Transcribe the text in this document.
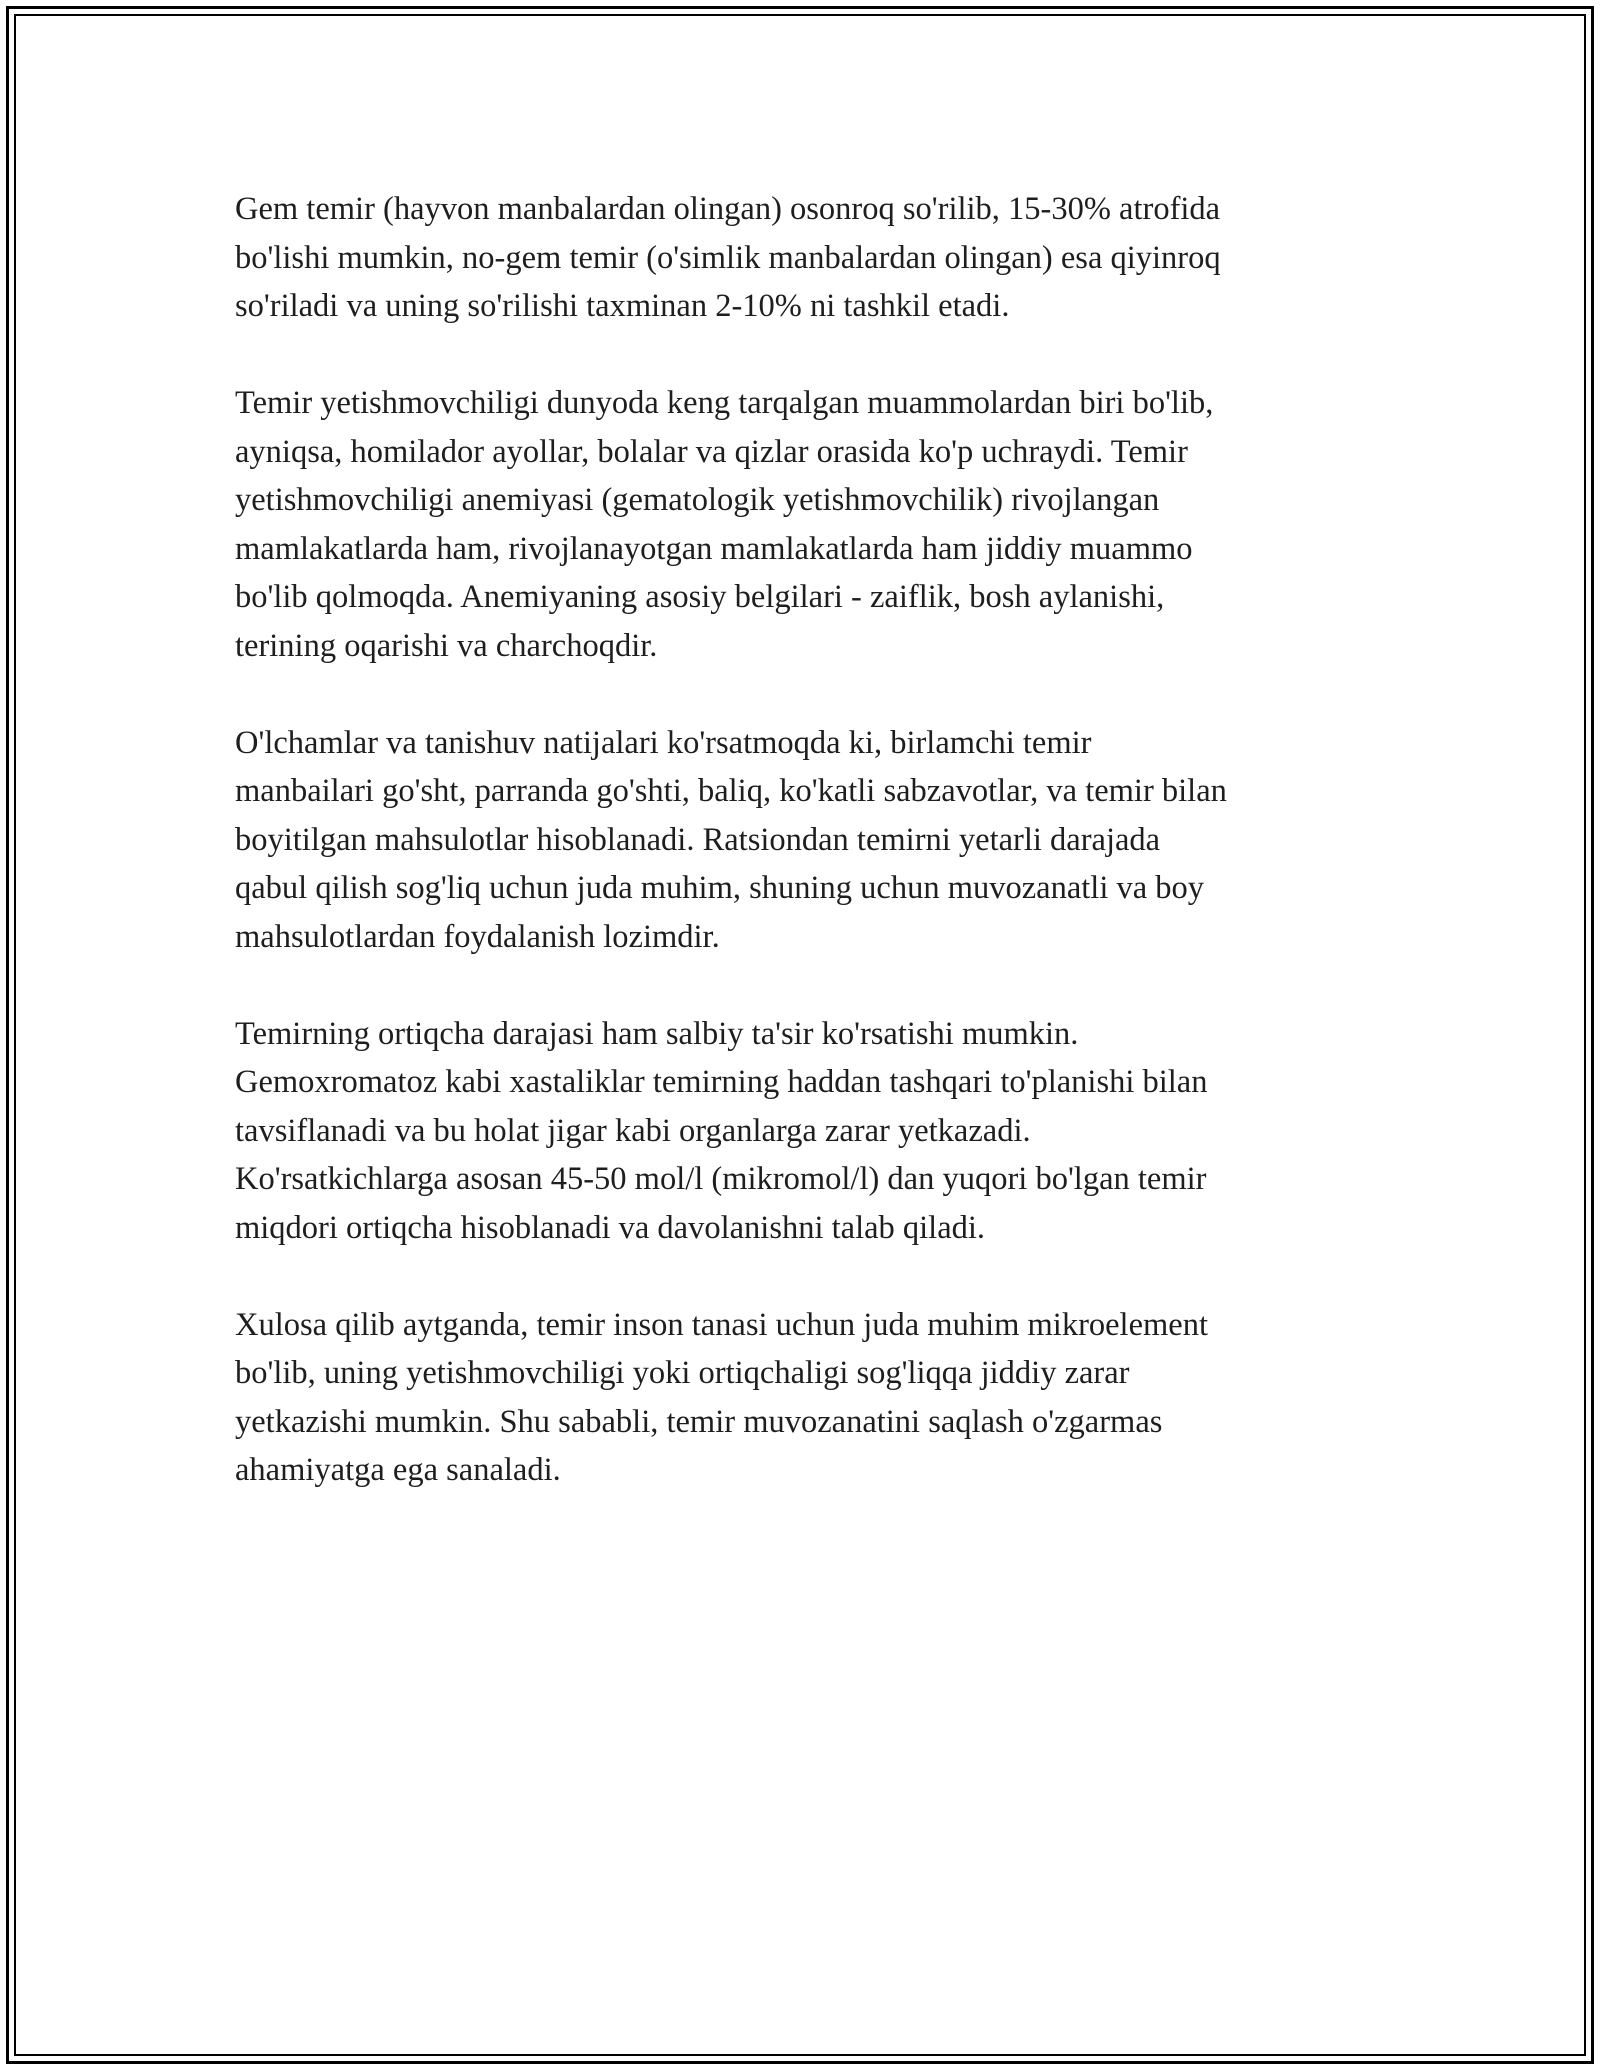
Gem temir (hayvon manbalardan olingan) osonroq so'rilib, 15-30% atrofida
bo'lishi mumkin, no-gem temir (o'simlik manbalardan olingan) esa qiyinroq
so'riladi va uning so'rilishi taxminan 2-10% ni tashkil etadi.

Temir yetishmovchiligi dunyoda keng tarqalgan muammolardan biri bo'lib,
ayniqsa, homilador ayollar, bolalar va qizlar orasida ko'p uchraydi. Temir
yetishmovchiligi anemiyasi (gematologik yetishmovchilik) rivojlangan
mamlakatlarda ham, rivojlanayotgan mamlakatlarda ham jiddiy muammo
bo'lib qolmoqda. Anemiyaning asosiy belgilari - zaiflik, bosh aylanishi,
terining oqarishi va charchoqdir.

O'lchamlar va tanishuv natijalari ko'rsatmoqda ki, birlamchi temir
manbailari go'sht, parranda go'shti, baliq, ko'katli sabzavotlar, va temir bilan
boyitilgan mahsulotlar hisoblanadi. Ratsiondan temirni yetarli darajada
qabul qilish sog'liq uchun juda muhim, shuning uchun muvozanatli va boy
mahsulotlardan foydalanish lozimdir.

Temirning ortiqcha darajasi ham salbiy ta'sir ko'rsatishi mumkin.
Gemoxromatoz kabi xastaliklar temirning haddan tashqari to'planishi bilan
tavsiflanadi va bu holat jigar kabi organlarga zarar yetkazadi.
Ko'rsatkichlarga asosan 45-50 mol/l (mikromol/l) dan yuqori bo'lgan temir
miqdori ortiqcha hisoblanadi va davolanishni talab qiladi.

Xulosa qilib aytganda, temir inson tanasi uchun juda muhim mikroelement
bo'lib, uning yetishmovchiligi yoki ortiqchaligi sog'liqqa jiddiy zarar
yetkazishi mumkin. Shu sababli, temir muvozanatini saqlash o'zgarmas
ahamiyatga ega sanaladi.
